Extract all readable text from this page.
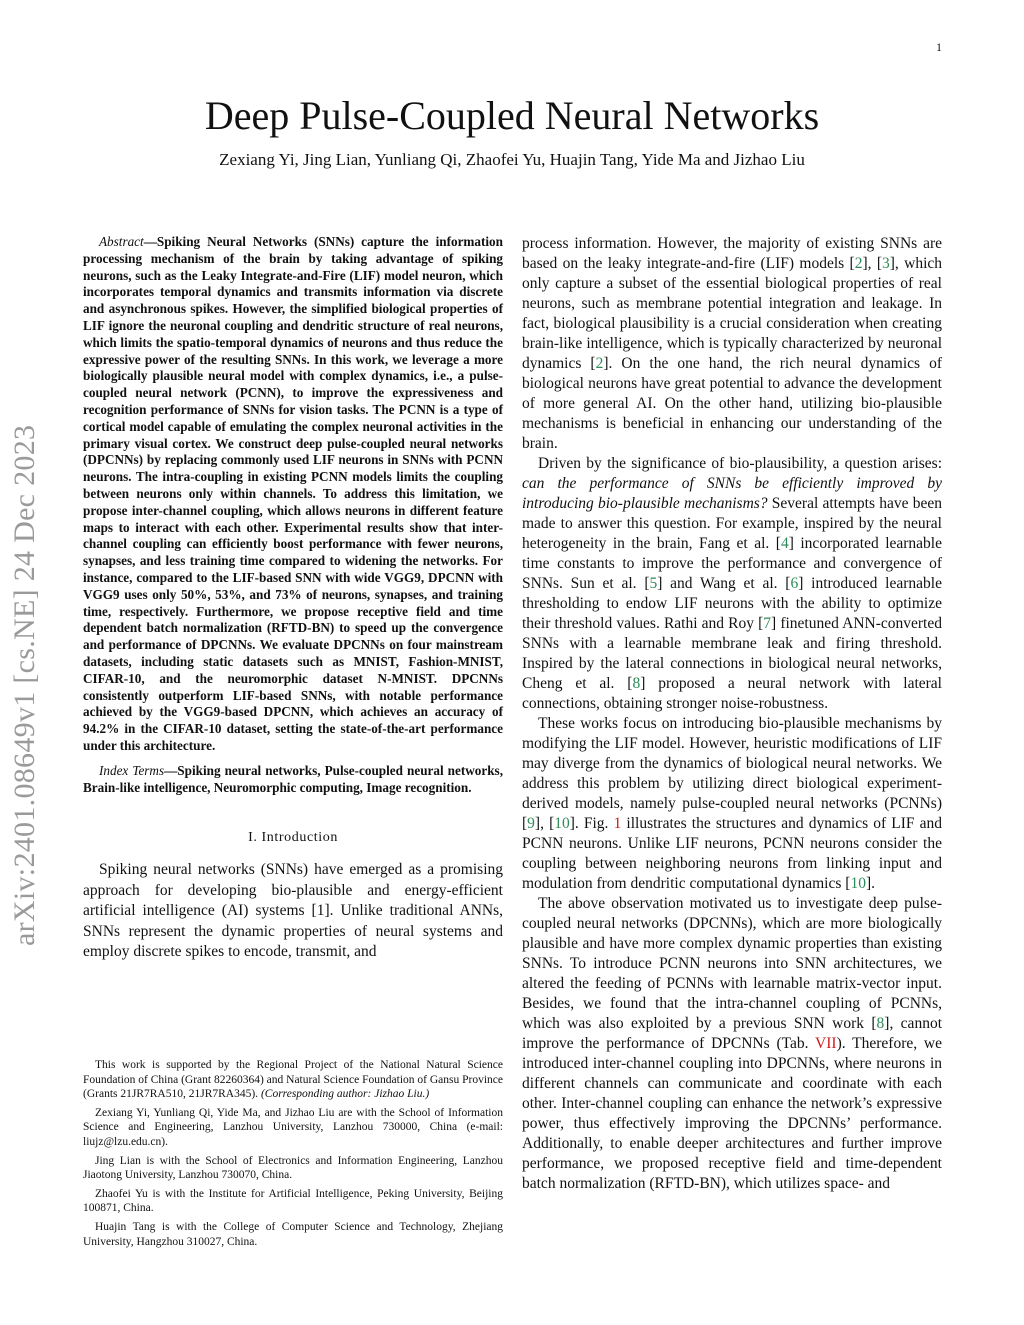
1
arXiv:2401.08649v1 [cs.NE] 24 Dec 2023
Deep Pulse-Coupled Neural Networks
Zexiang Yi, Jing Lian, Yunliang Qi, Zhaofei Yu, Huajin Tang, Yide Ma and Jizhao Liu

Abstract—Spiking Neural Networks (SNNs) capture the information processing mechanism of the brain by taking advantage of spiking neurons, such as the Leaky Integrate-and-Fire (LIF) model neuron, which incorporates temporal dynamics and transmits information via discrete and asynchronous spikes. However, the simplified biological properties of LIF ignore the neuronal coupling and dendritic structure of real neurons, which limits the spatio-temporal dynamics of neurons and thus reduce the expressive power of the resulting SNNs. In this work, we leverage a more biologically plausible neural model with complex dynamics, i.e., a pulse-coupled neural network (PCNN), to improve the expressiveness and recognition performance of SNNs for vision tasks. The PCNN is a type of cortical model capable of emulating the complex neuronal activities in the primary visual cortex. We construct deep pulse-coupled neural networks (DPCNNs) by replacing commonly used LIF neurons in SNNs with PCNN neurons. The intra-coupling in existing PCNN models limits the coupling between neurons only within channels. To address this limitation, we propose inter-channel coupling, which allows neurons in different feature maps to interact with each other. Experimental results show that inter-channel coupling can efficiently boost performance with fewer neurons, synapses, and less training time compared to widening the networks. For instance, compared to the LIF-based SNN with wide VGG9, DPCNN with VGG9 uses only 50%, 53%, and 73% of neurons, synapses, and training time, respectively. Furthermore, we propose receptive field and time dependent batch normalization (RFTD-BN) to speed up the convergence and performance of DPCNNs. We evaluate DPCNNs on four mainstream datasets, including static datasets such as MNIST, Fashion-MNIST, CIFAR-10, and the neuromorphic dataset N-MNIST. DPCNNs consistently outperform LIF-based SNNs, with notable performance achieved by the VGG9-based DPCNN, which achieves an accuracy of 94.2% in the CIFAR-10 dataset, setting the state-of-the-art performance under this architecture.

Index Terms—Spiking neural networks, Pulse-coupled neural networks, Brain-like intelligence, Neuromorphic computing, Image recognition.

I. Introduction

Spiking neural networks (SNNs) have emerged as a promising approach for developing bio-plausible and energy-efficient artificial intelligence (AI) systems [1]. Unlike traditional ANNs, SNNs represent the dynamic properties of neural systems and employ discrete spikes to encode, transmit, and

This work is supported by the Regional Project of the National Natural Science Foundation of China (Grant 82260364) and Natural Science Foundation of Gansu Province (Grants 21JR7RA510, 21JR7RA345). (Corresponding author: Jizhao Liu.)

Zexiang Yi, Yunliang Qi, Yide Ma, and Jizhao Liu are with the School of Information Science and Engineering, Lanzhou University, Lanzhou 730000, China (e-mail: liujz@lzu.edu.cn).

Jing Lian is with the School of Electronics and Information Engineering, Lanzhou Jiaotong University, Lanzhou 730070, China.

Zhaofei Yu is with the Institute for Artificial Intelligence, Peking University, Beijing 100871, China.

Huajin Tang is with the College of Computer Science and Technology, Zhejiang University, Hangzhou 310027, China.

process information. However, the majority of existing SNNs are based on the leaky integrate-and-fire (LIF) models [2], [3], which only capture a subset of the essential biological properties of real neurons, such as membrane potential integration and leakage. In fact, biological plausibility is a crucial consideration when creating brain-like intelligence, which is typically characterized by neuronal dynamics [2]. On the one hand, the rich neural dynamics of biological neurons have great potential to advance the development of more general AI. On the other hand, utilizing bio-plausible mechanisms is beneficial in enhancing our understanding of the brain.

Driven by the significance of bio-plausibility, a question arises: can the performance of SNNs be efficiently improved by introducing bio-plausible mechanisms? Several attempts have been made to answer this question. For example, inspired by the neural heterogeneity in the brain, Fang et al. [4] incorporated learnable time constants to improve the performance and convergence of SNNs. Sun et al. [5] and Wang et al. [6] introduced learnable thresholding to endow LIF neurons with the ability to optimize their threshold values. Rathi and Roy [7] finetuned ANN-converted SNNs with a learnable membrane leak and firing threshold. Inspired by the lateral connections in biological neural networks, Cheng et al. [8] proposed a neural network with lateral connections, obtaining stronger noise-robustness.

These works focus on introducing bio-plausible mechanisms by modifying the LIF model. However, heuristic modifications of LIF may diverge from the dynamics of biological neural networks. We address this problem by utilizing direct biological experiment-derived models, namely pulse-coupled neural networks (PCNNs) [9], [10]. Fig. 1 illustrates the structures and dynamics of LIF and PCNN neurons. Unlike LIF neurons, PCNN neurons consider the coupling between neighboring neurons from linking input and modulation from dendritic computational dynamics [10].

The above observation motivated us to investigate deep pulse-coupled neural networks (DPCNNs), which are more biologically plausible and have more complex dynamic properties than existing SNNs. To introduce PCNN neurons into SNN architectures, we altered the feeding of PCNNs with learnable matrix-vector input. Besides, we found that the intra-channel coupling of PCNNs, which was also exploited by a previous SNN work [8], cannot improve the performance of DPCNNs (Tab. VII). Therefore, we introduced inter-channel coupling into DPCNNs, where neurons in different channels can communicate and coordinate with each other. Inter-channel coupling can enhance the network’s expressive power, thus effectively improving the DPCNNs’ performance. Additionally, to enable deeper architectures and further improve performance, we proposed receptive field and time-dependent batch normalization (RFTD-BN), which utilizes space- and
